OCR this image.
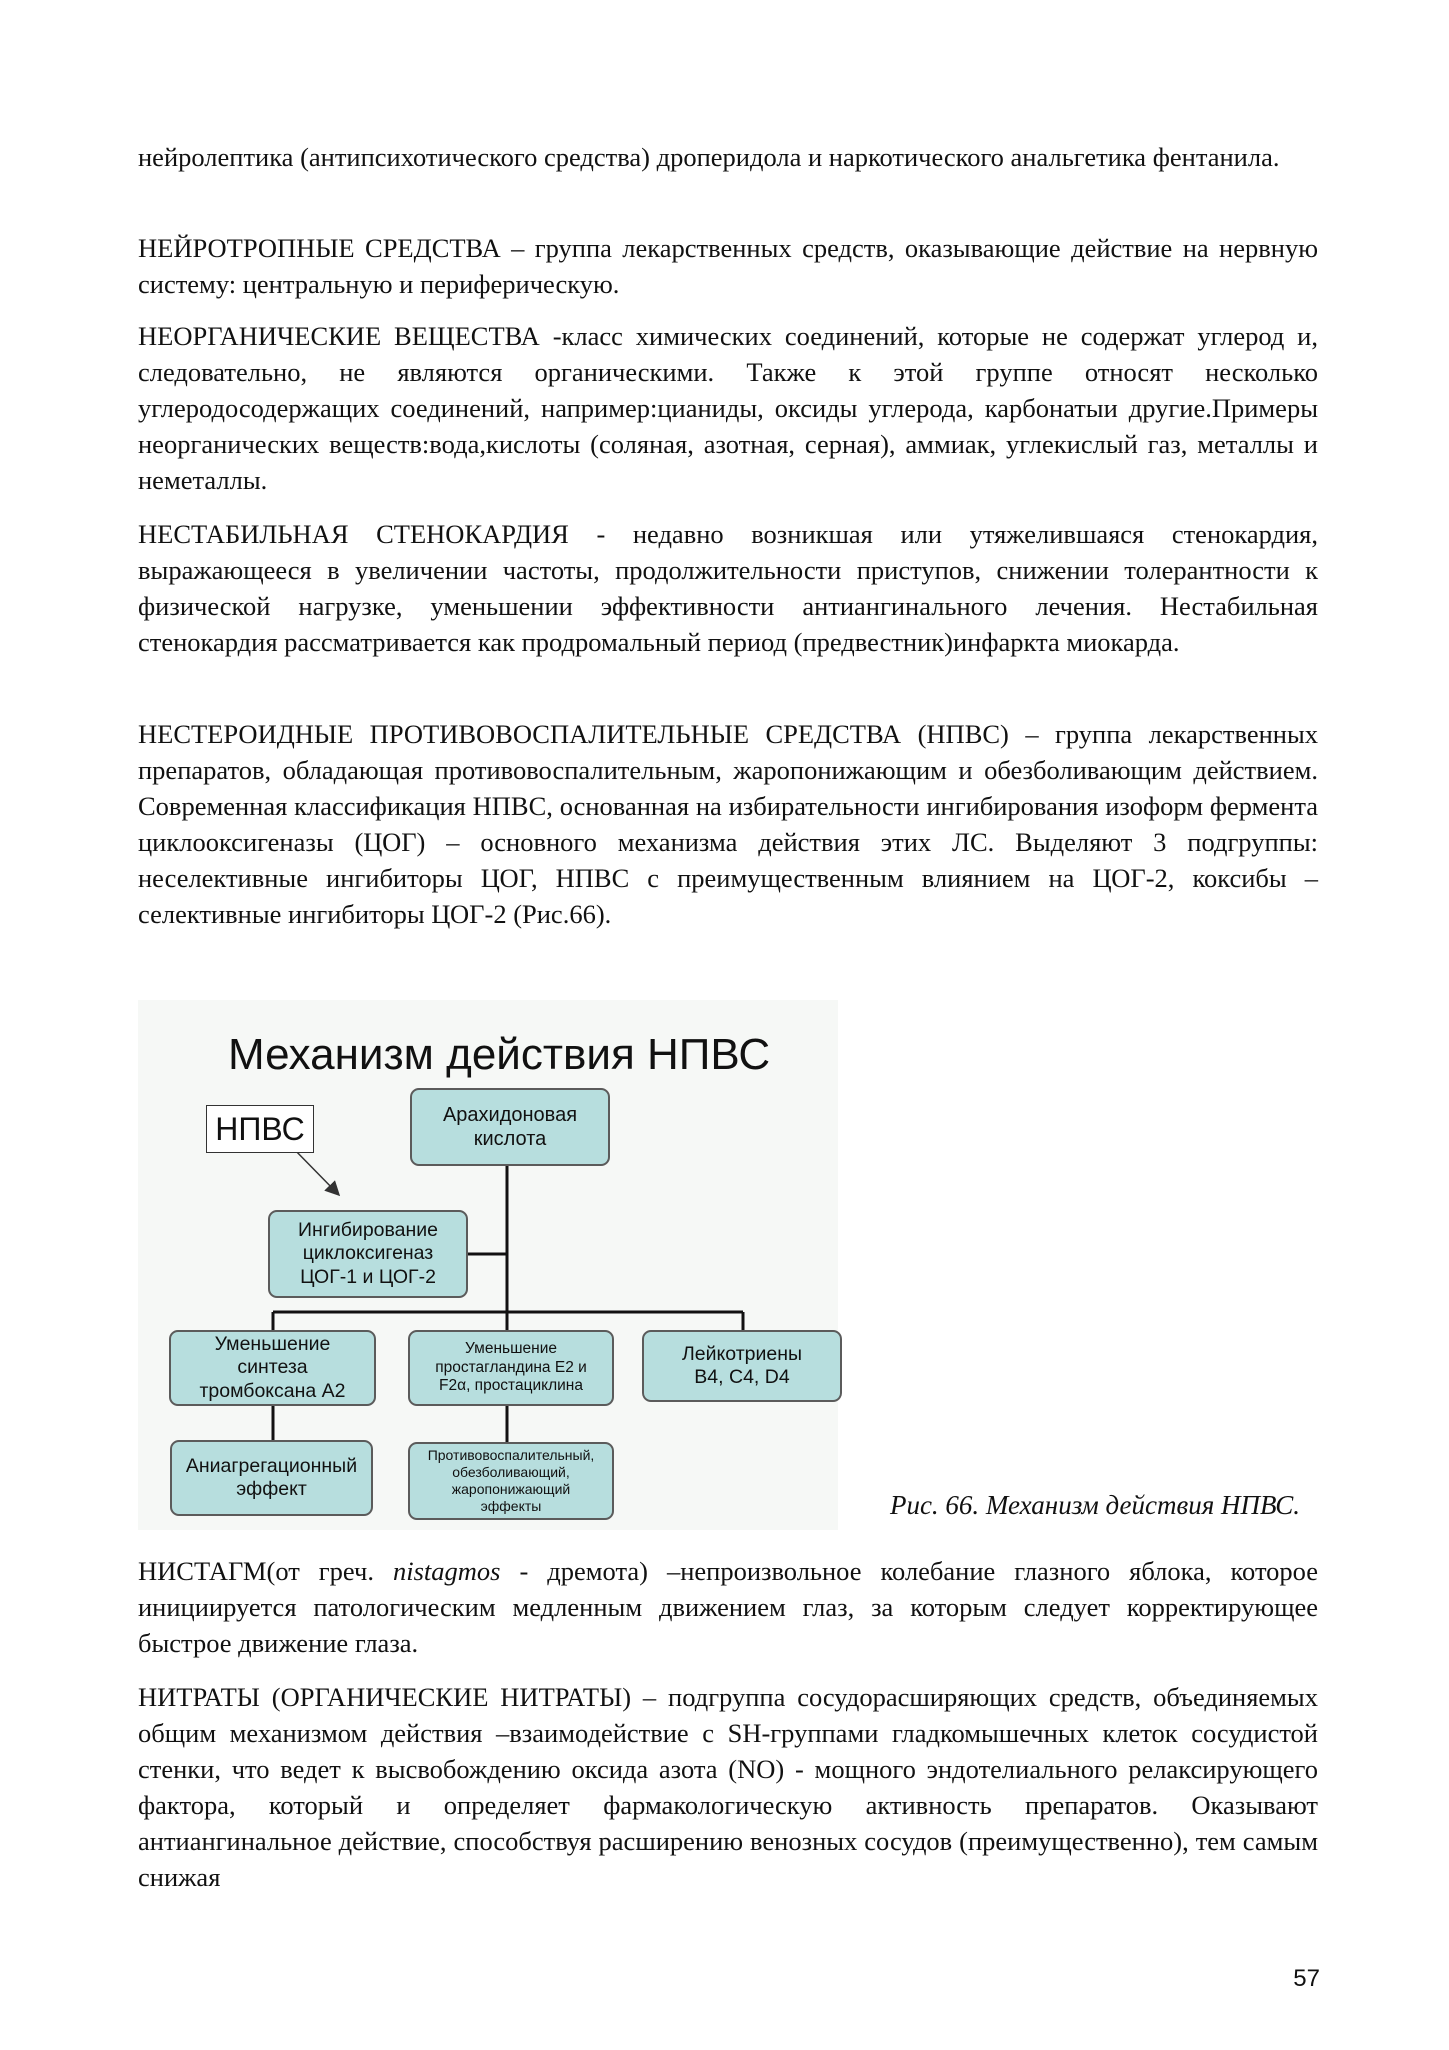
нейролептика (антипсихотического средства) дроперидола и наркотического анальгетика фентанила.

НЕЙРОТРОПНЫЕ СРЕДСТВА – группа лекарственных средств, оказывающие действие на нервную систему: центральную и периферическую.

НЕОРГАНИЧЕСКИЕ ВЕЩЕСТВА -класс химических соединений, которые не содержат углерод и, следовательно, не являются органическими. Также к этой группе относят несколько углеродосодержащих соединений, например:цианиды, оксиды углерода, карбонатыи другие.Примеры неорганических веществ:вода,кислоты (соляная, азотная, серная), аммиак, углекислый газ, металлы и неметаллы.

НЕСТАБИЛЬНАЯ СТЕНОКАРДИЯ - недавно возникшая или утяжелившаяся стенокардия, выражающееся в увеличении частоты, продолжительности приступов, снижении толерантности к физической нагрузке, уменьшении эффективности антиангинального лечения. Нестабильная стенокардия рассматривается как продромальный период (предвестник)инфаркта миокарда.

НЕСТЕРОИДНЫЕ ПРОТИВОВОСПАЛИТЕЛЬНЫЕ СРЕДСТВА (НПВС) – группа лекарственных препаратов, обладающая противовоспалительным, жаропонижающим и обезболивающим действием. Современная классификация НПВС, основанная на избирательности ингибирования изоформ фермента циклооксигеназы (ЦОГ) – основного механизма действия этих ЛС. Выделяют 3 подгруппы: неселективные ингибиторы ЦОГ, НПВС с преимущественным влиянием на ЦОГ-2, коксибы – селективные ингибиторы ЦОГ-2 (Рис.66).

Механизм действия НПВС
НПВС	Арахидоновая
кислота
Ингибирование
циклоксигеназ
ЦОГ-1 и ЦОГ-2
Уменьшение
синтеза
тромбоксана А2
Уменьшение
простагландина Е2 и
F2α, простациклина
Лейкотриены
В4, С4, D4
Аниагрегационный
эффект
Противовоспалительный,
обезболивающий,
жаропонижающий
эффекты	Рис. 66. Механизм действия НПВС.

НИСТАГМ(от греч. nistagmos - дремота) –непроизвольное колебание глазного яблока, которое инициируется патологическим медленным движением глаз, за которым следует корректирующее быстрое движение глаза.

НИТРАТЫ (ОРГАНИЧЕСКИЕ НИТРАТЫ) – подгруппа сосудорасширяющих средств, объединяемых общим механизмом действия –взаимодействие с SH-группами гладкомышечных клеток сосудистой стенки, что ведет к высвобождению оксида азота (NO) - мощного эндотелиального релаксирующего фактора, который и определяет фармакологическую активность препаратов. Оказывают антиангинальное действие, способствуя расширению венозных сосудов (преимущественно), тем самым снижая

57
